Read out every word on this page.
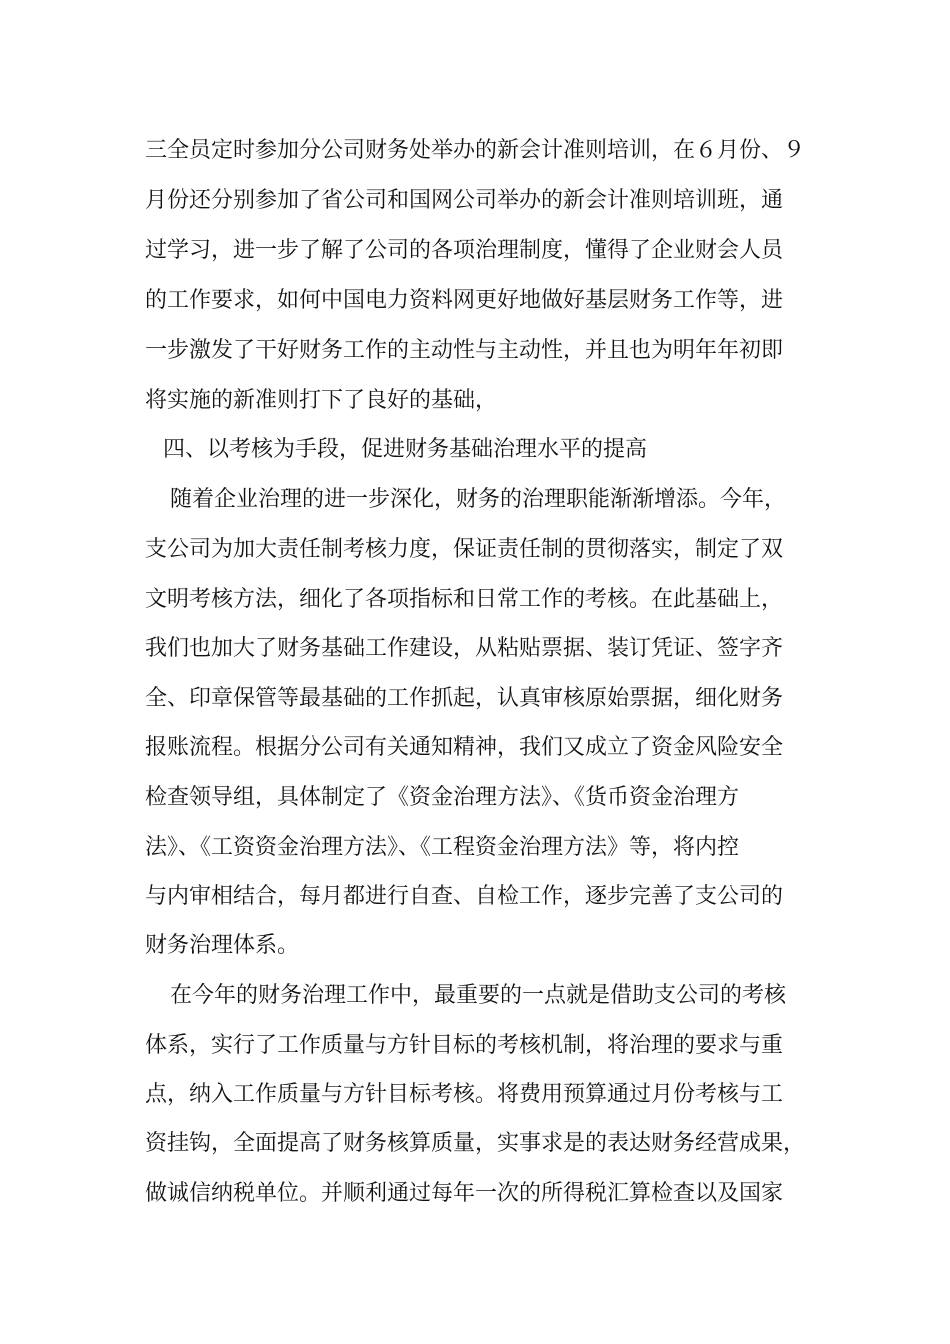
三全员定时参加分公司财务处举办的新会计准则培训，在６月份、９
月份还分别参加了省公司和国网公司举办的新会计准则培训班，通
过学习，进一步了解了公司的各项治理制度，懂得了企业财会人员
的工作要求，如何中国电力资料网更好地做好基层财务工作等，进
一步激发了干好财务工作的主动性与主动性，并且也为明年年初即
将实施的新准则打下了良好的基础，
四、以考核为手段，促进财务基础治理水平的提高
随着企业治理的进一步深化，财务的治理职能渐渐增添。今年，
支公司为加大责任制考核力度，保证责任制的贯彻落实，制定了双
文明考核方法，细化了各项指标和日常工作的考核。在此基础上，
我们也加大了财务基础工作建设，从粘贴票据、装订凭证、签字齐
全、印章保管等最基础的工作抓起，认真审核原始票据，细化财务
报账流程。根据分公司有关通知精神，我们又成立了资金风险安全
检查领导组，具体制定了《资金治理方法》、《货币资金治理方
法》、《工资资金治理方法》、《工程资金治理方法》等，将内控
与内审相结合，每月都进行自查、自检工作，逐步完善了支公司的
财务治理体系。
在今年的财务治理工作中，最重要的一点就是借助支公司的考核
体系，实行了工作质量与方针目标的考核机制，将治理的要求与重
点，纳入工作质量与方针目标考核。将费用预算通过月份考核与工
资挂钩，全面提高了财务核算质量，实事求是的表达财务经营成果，
做诚信纳税单位。并顺利通过每年一次的所得税汇算检查以及国家
